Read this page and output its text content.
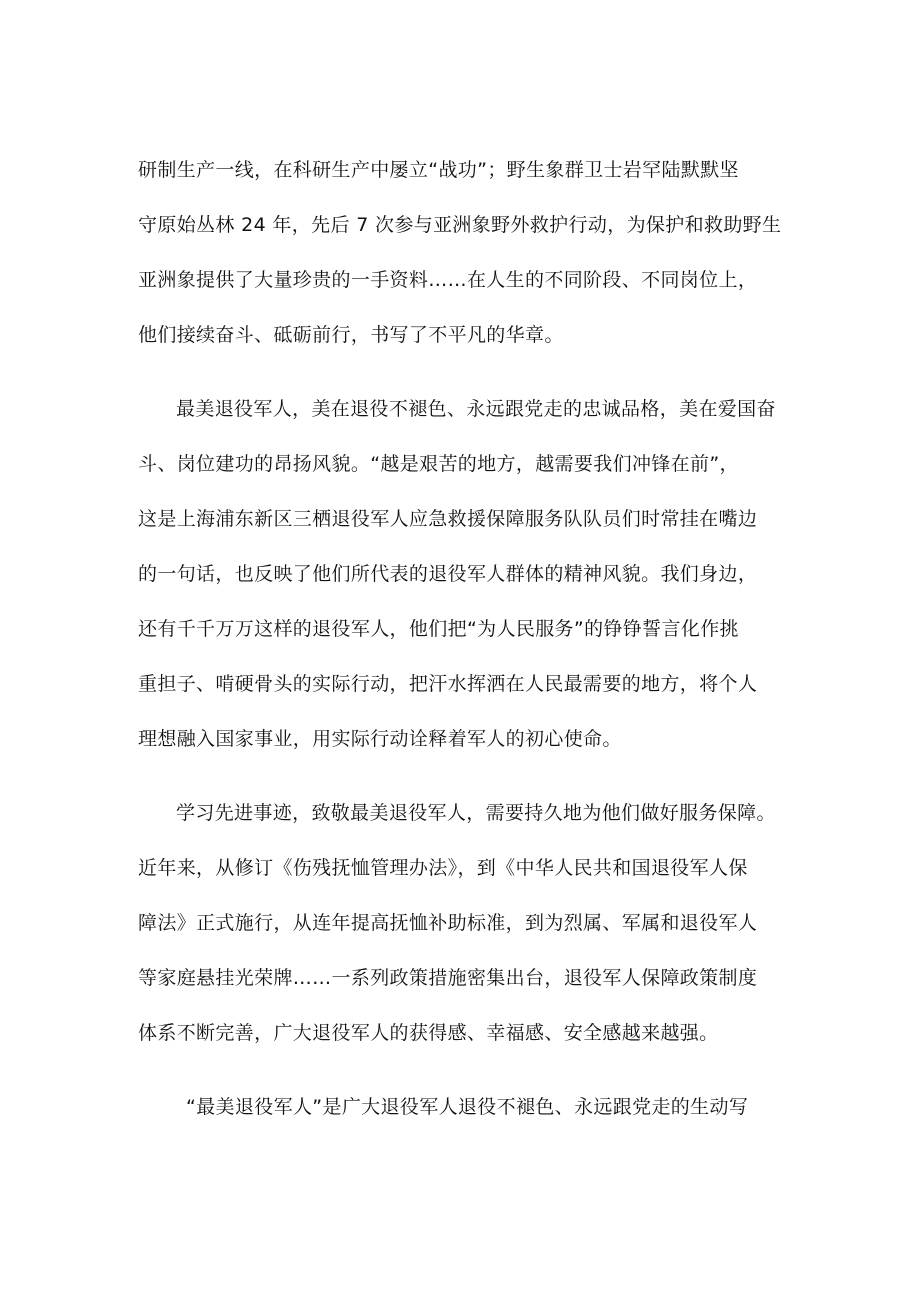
研制生产一线，在科研生产中屡立“战功”；野生象群卫士岩罕陆默默坚
守原始丛林 24 年，先后 7 次参与亚洲象野外救护行动，为保护和救助野生
亚洲象提供了大量珍贵的一手资料……在人生的不同阶段、不同岗位上，
他们接续奋斗、砥砺前行，书写了不平凡的华章。
最美退役军人，美在退役不褪色、永远跟党走的忠诚品格，美在爱国奋
斗、岗位建功的昂扬风貌。“越是艰苦的地方，越需要我们冲锋在前”，
这是上海浦东新区三栖退役军人应急救援保障服务队队员们时常挂在嘴边
的一句话，也反映了他们所代表的退役军人群体的精神风貌。我们身边，
还有千千万万这样的退役军人，他们把“为人民服务”的铮铮誓言化作挑
重担子、啃硬骨头的实际行动，把汗水挥洒在人民最需要的地方，将个人
理想融入国家事业，用实际行动诠释着军人的初心使命。
学习先进事迹，致敬最美退役军人，需要持久地为他们做好服务保障。
近年来，从修订《伤残抚恤管理办法》，到《中华人民共和国退役军人保
障法》正式施行，从连年提高抚恤补助标准，到为烈属、军属和退役军人
等家庭悬挂光荣牌……一系列政策措施密集出台，退役军人保障政策制度
体系不断完善，广大退役军人的获得感、幸福感、安全感越来越强。
“最美退役军人”是广大退役军人退役不褪色、永远跟党走的生动写
